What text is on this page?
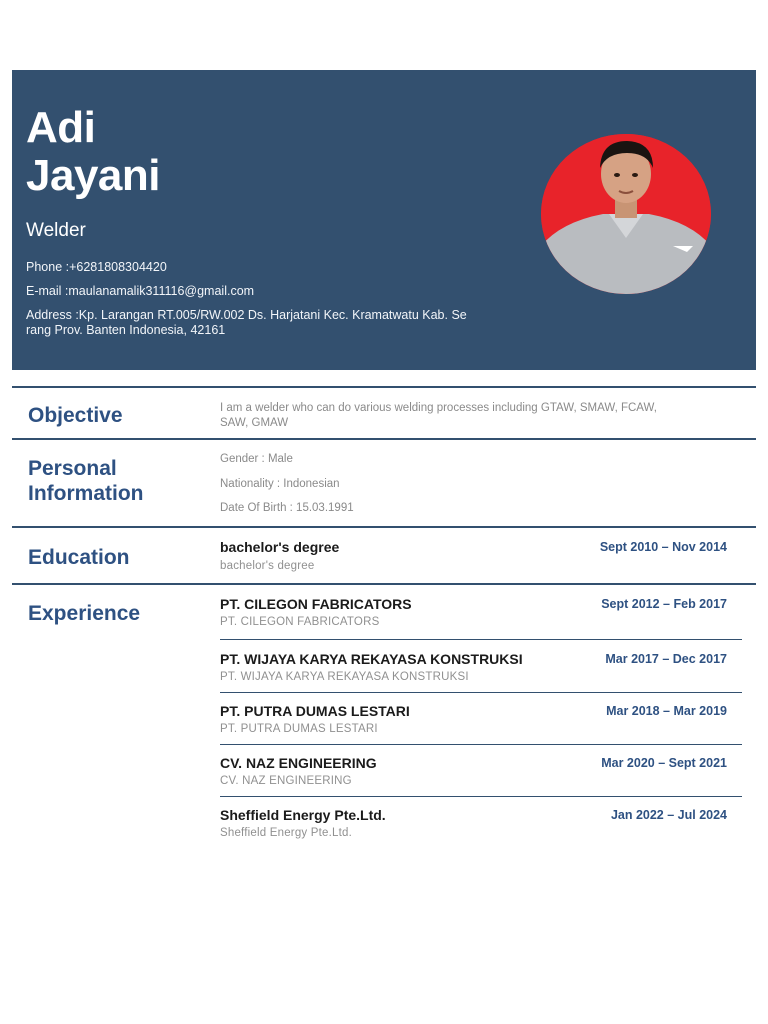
Adi
Jayani
Welder
Phone :+6281808304420
E-mail :maulanamalik311116@gmail.com
Address :Kp. Larangan RT.005/RW.002 Ds. Harjatani Kec. Kramatwatu Kab. Se
rang Prov. Banten Indonesia, 42161
Objective	I am a welder who can do various welding processes including GTAW, SMAW, FCAW,
SAW, GMAW
Personal
Information
Gender : Male
Nationality : Indonesian
Date Of Birth : 15.03.1991
Education	bachelor's degree	Sept 2010 – Nov 2014
bachelor's degree
Experience	PT. CILEGON FABRICATORS	Sept 2012 – Feb 2017
PT. CILEGON FABRICATORS
PT. WIJAYA KARYA REKAYASA KONSTRUKSI	Mar 2017 – Dec 2017
PT. WIJAYA KARYA REKAYASA KONSTRUKSI
PT. PUTRA DUMAS LESTARI	Mar 2018 – Mar 2019
PT. PUTRA DUMAS LESTARI
CV. NAZ ENGINEERING	Mar 2020 – Sept 2021
CV. NAZ ENGINEERING
Sheffield Energy Pte.Ltd.	Jan 2022 – Jul 2024
Sheffield Energy Pte.Ltd.
